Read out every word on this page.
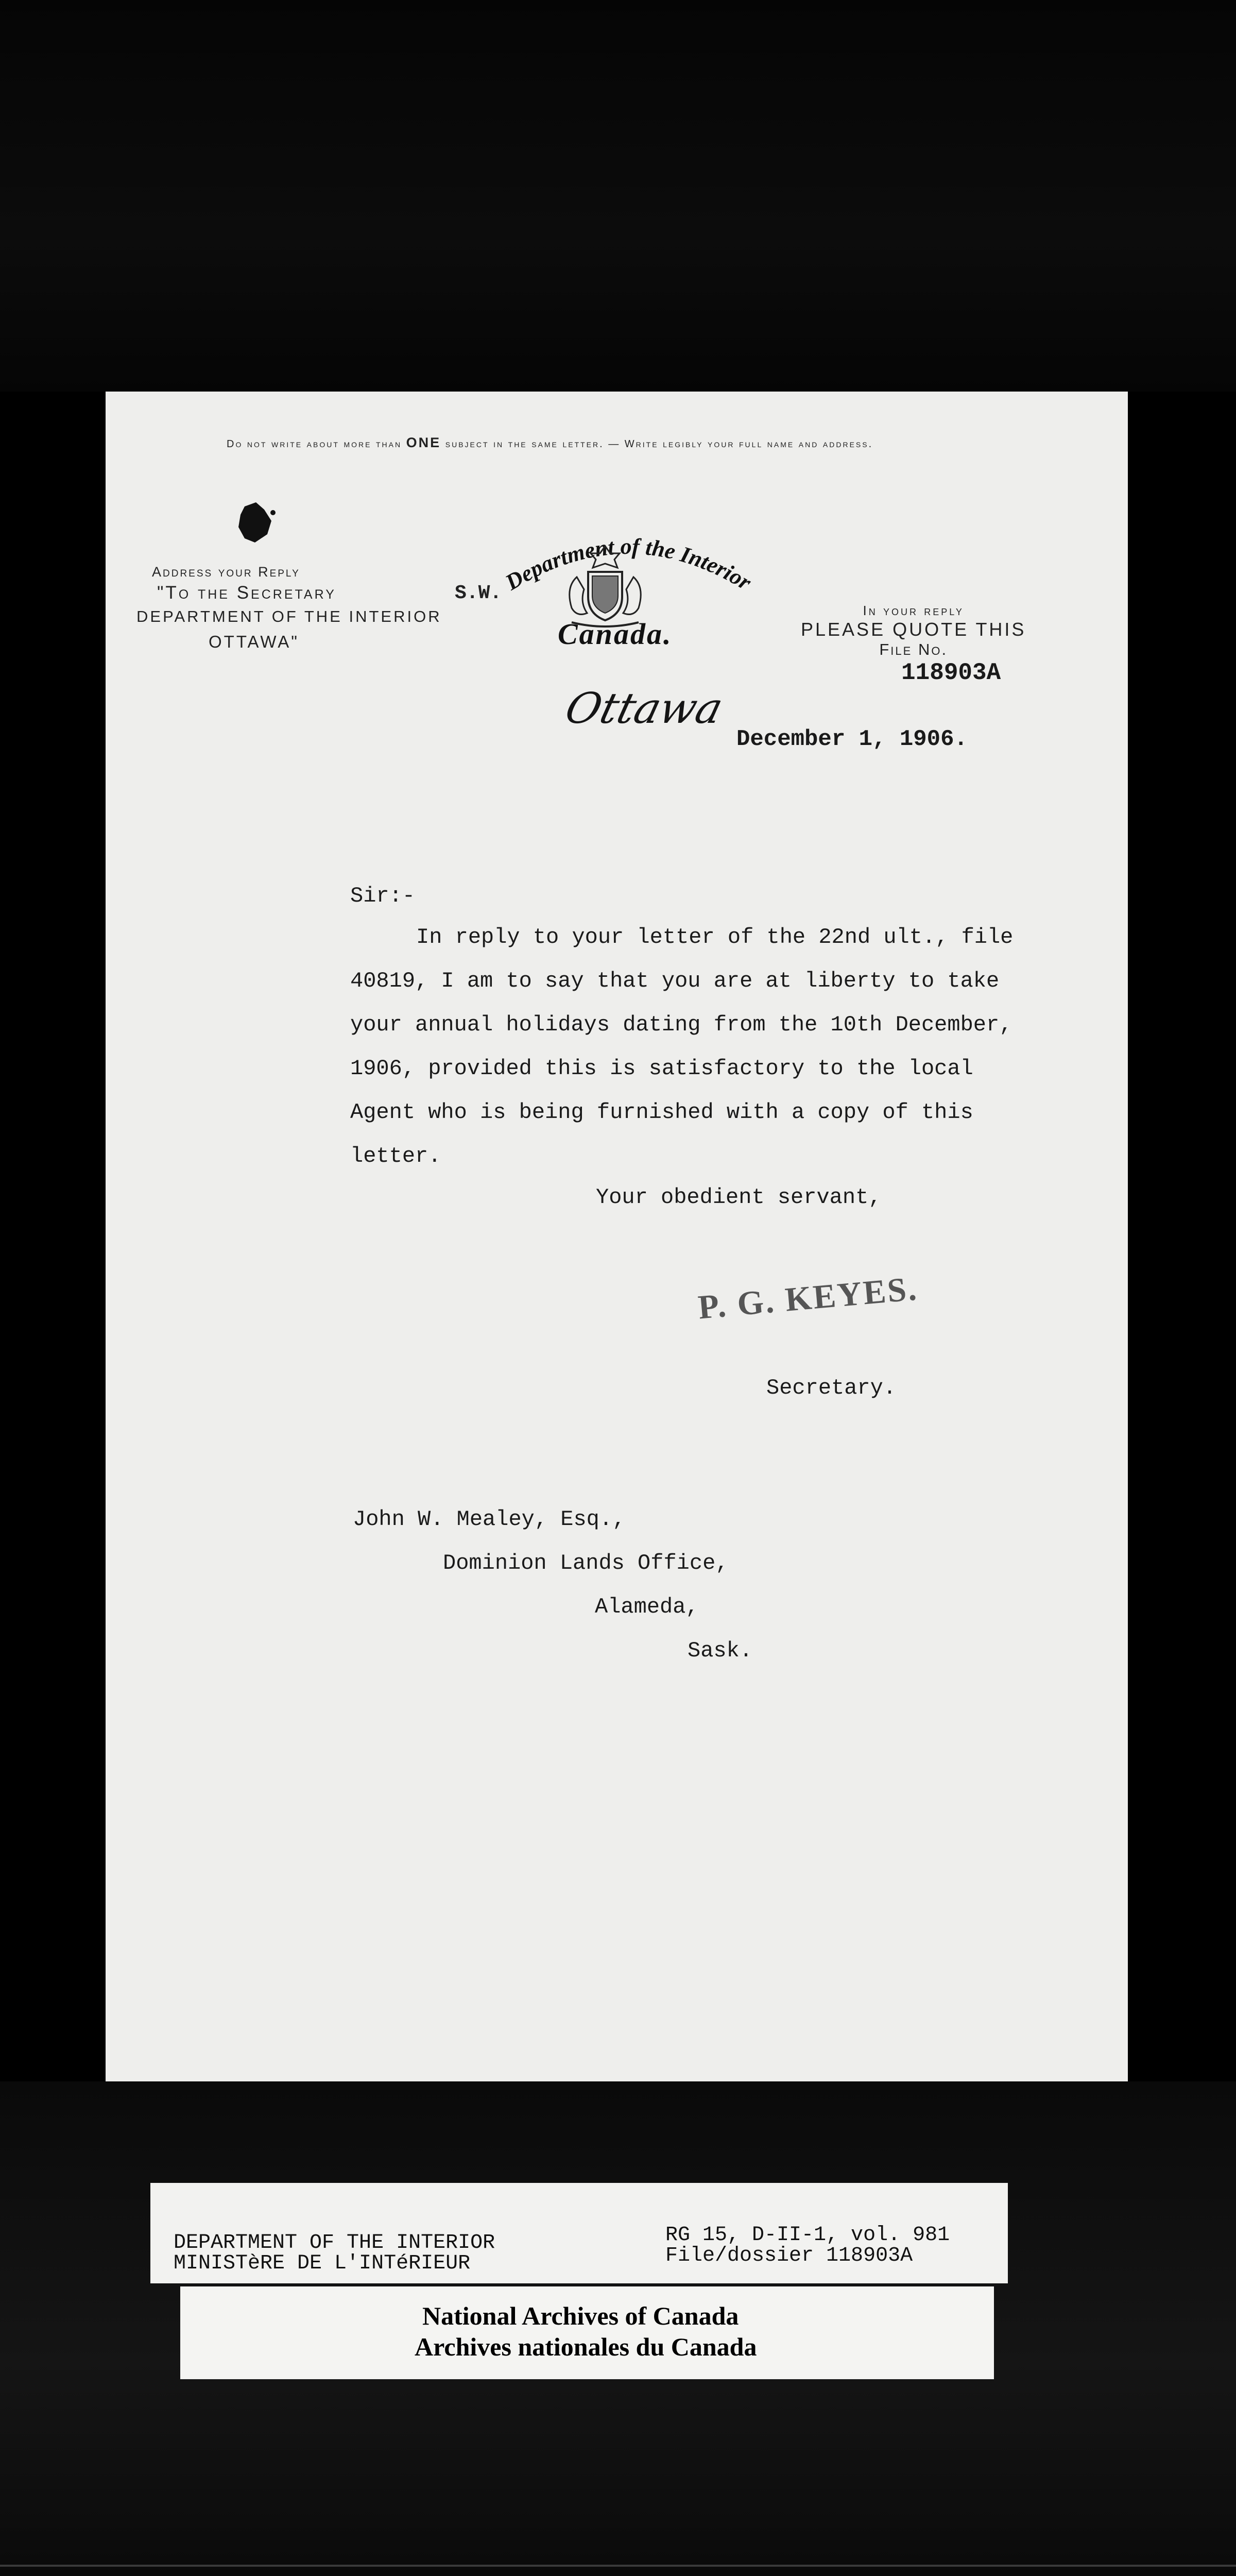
Do not write about more than ONE subject in the same letter. — Write legibly your full name and address.
Address your Reply
"To the Secretary
DEPARTMENT OF THE INTERIOR
OTTAWA"
S.W.
Department of the Interior
Canada.
In your reply
PLEASE QUOTE THIS
File No.
118903A
Ottawa
December 1, 1906.
Sir:-
In reply to your letter of the 22nd ult., file
40819, I am to say that you are at liberty to take
your annual holidays dating from the 10th December,
1906, provided this is satisfactory to the local
Agent who is being furnished with a copy of this
letter.
Your obedient servant,
P. G. KEYES.
Secretary.
John W. Mealey, Esq.,
Dominion Lands Office,
Alameda,
Sask.
DEPARTMENT OF THE INTERIOR
MINISTèRE DE L'INTéRIEUR
RG 15, D-II-1, vol. 981
File/dossier 118903A
National Archives of Canada
Archives nationales du Canada
